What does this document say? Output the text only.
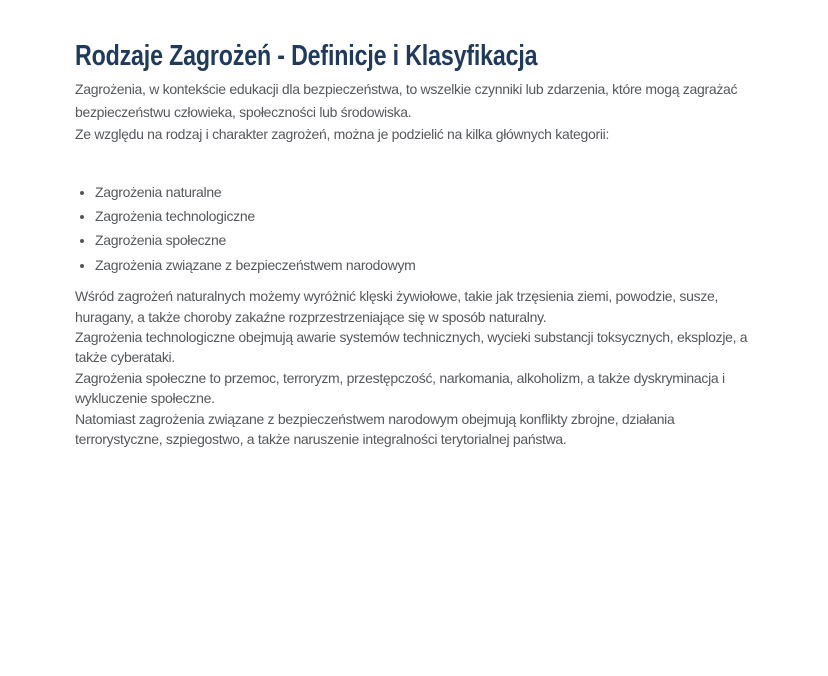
Rodzaje Zagrożeń - Definicje i Klasyfikacja

Zagrożenia, w kontekście edukacji dla bezpieczeństwa, to wszelkie czynniki lub zdarzenia, które mogą zagrażać bezpieczeństwu człowieka, społeczności lub środowiska.

Ze względu na rodzaj i charakter zagrożeń, można je podzielić na kilka głównych kategorii:

• Zagrożenia naturalne
• Zagrożenia technologiczne
• Zagrożenia społeczne
• Zagrożenia związane z bezpieczeństwem narodowym

Wśród zagrożeń naturalnych możemy wyróżnić klęski żywiołowe, takie jak trzęsienia ziemi, powodzie, susze, huragany, a także choroby zakaźne rozprzestrzeniające się w sposób naturalny.

Zagrożenia technologiczne obejmują awarie systemów technicznych, wycieki substancji toksycznych, eksplozje, a także cyberataki.

Zagrożenia społeczne to przemoc, terroryzm, przestępczość, narkomania, alkoholizm, a także dyskryminacja i wykluczenie społeczne.

Natomiast zagrożenia związane z bezpieczeństwem narodowym obejmują konflikty zbrojne, działania terrorystyczne, szpiegostwo, a także naruszenie integralności terytorialnej państwa.
